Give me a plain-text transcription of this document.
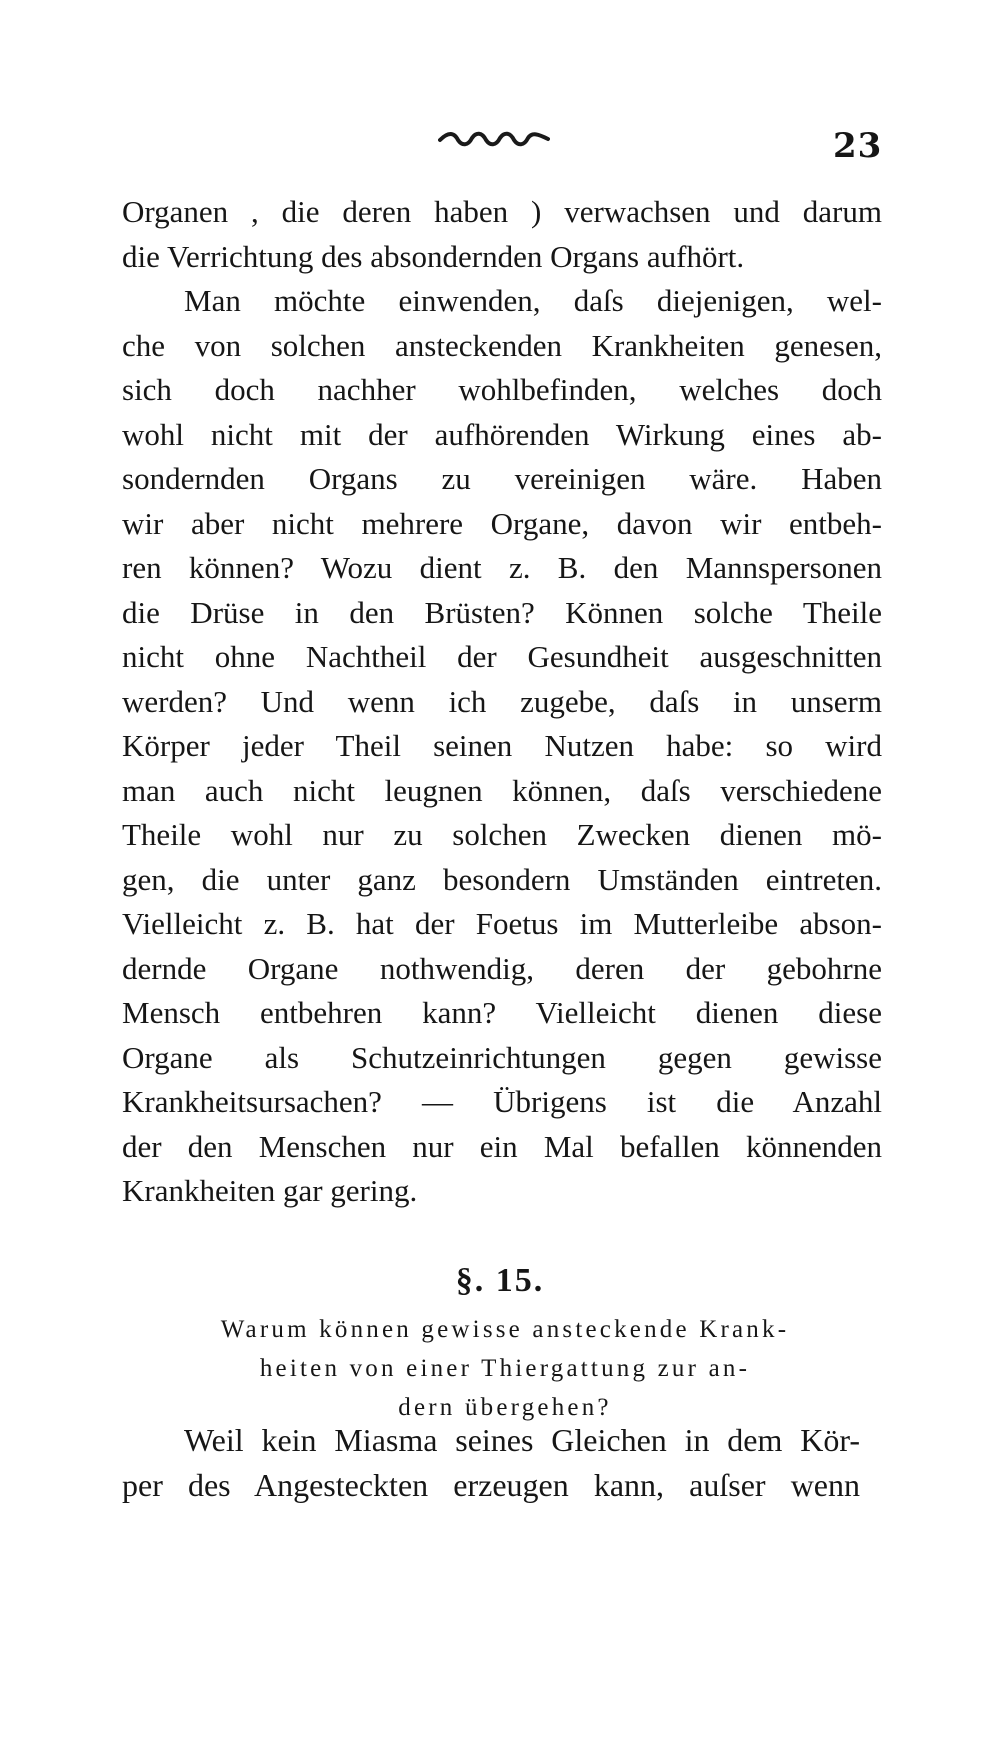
23
Organen , die deren haben ) verwachsen und darum
die Verrichtung des absondernden Organs aufhört.
Man möchte einwenden, daſs diejenigen, wel-
che von solchen ansteckenden Krankheiten genesen,
sich doch nachher wohlbefinden, welches doch
wohl nicht mit der aufhörenden Wirkung eines ab-
sondernden Organs zu vereinigen wäre. Haben
wir aber nicht mehrere Organe, davon wir entbeh-
ren können? Wozu dient z. B. den Mannspersonen
die Drüse in den Brüsten? Können solche Theile
nicht ohne Nachtheil der Gesundheit ausgeschnitten
werden? Und wenn ich zugebe, daſs in unserm
Körper jeder Theil seinen Nutzen habe: so wird
man auch nicht leugnen können, daſs verschiedene
Theile wohl nur zu solchen Zwecken dienen mö-
gen, die unter ganz besondern Umständen eintreten.
Vielleicht z. B. hat der Foetus im Mutterleibe abson-
dernde Organe nothwendig, deren der gebohrne
Mensch entbehren kann? Vielleicht dienen diese
Organe als Schutzeinrichtungen gegen gewisse
Krankheitsursachen? — Übrigens ist die Anzahl
der den Menschen nur ein Mal befallen könnenden
Krankheiten gar gering.
§. 15.
Warum können gewisse ansteckende Krank-
heiten von einer Thiergattung zur an-
dern übergehen?
Weil kein Miasma seines Gleichen in dem Kör-
per des Angesteckten erzeugen kann, auſser wenn
